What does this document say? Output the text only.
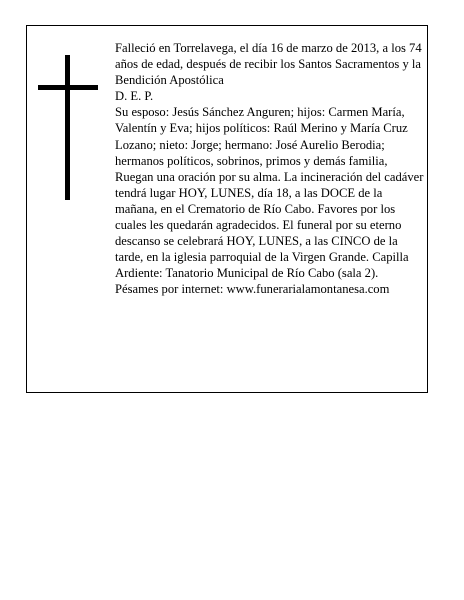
Falleció en Torrelavega, el día 16 de marzo de 2013, a los 74 años de edad, después de recibir los Santos Sacramentos y la Bendición Apostólica

D. E. P.

Su esposo: Jesús Sánchez Anguren; hijos: Carmen María, Valentín y Eva; hijos políticos: Raúl Merino y María Cruz Lozano; nieto: Jorge; hermano: José Aurelio Berodia; hermanos políticos, sobrinos, primos y demás familia,

Ruegan una oración por su alma. La incineración del cadáver tendrá lugar HOY, LUNES, día 18, a las DOCE de la mañana, en el Crematorio de Río Cabo. Favores por los cuales les quedarán agradecidos. El funeral por su eterno descanso se celebrará HOY, LUNES, a las CINCO de la tarde, en la iglesia parroquial de la Virgen Grande. Capilla Ardiente: Tanatorio Municipal de Río Cabo (sala 2).

Pésames por internet: www.funerarialamontanesa.com
